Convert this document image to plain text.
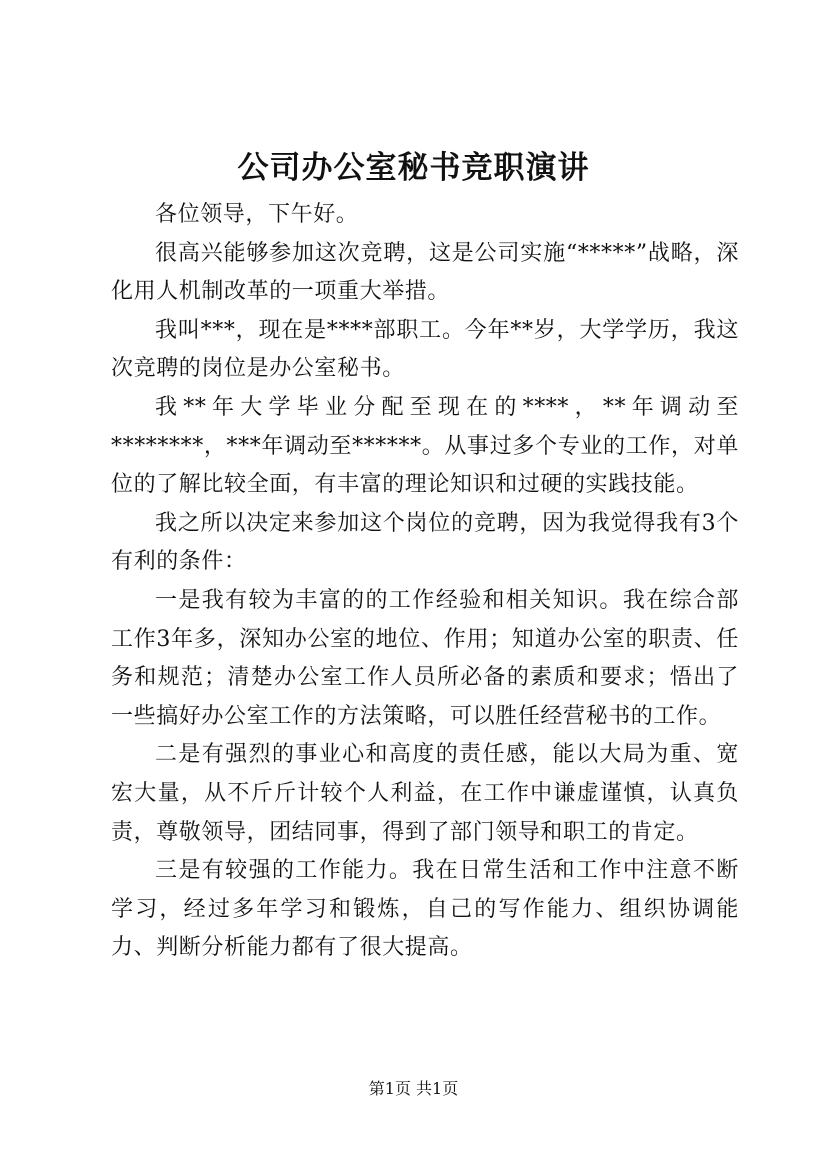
公司办公室秘书竞职演讲

各位领导，下午好。

很高兴能够参加这次竞聘，这是公司实施“*****”战略，深化用人机制改革的一项重大举措。

我叫***，现在是****部职工。今年**岁，大学学历，我这次竞聘的岗位是办公室秘书。

我**年大学毕业分配至现在的****，**年调动至********，***年调动至******。从事过多个专业的工作，对单位的了解比较全面，有丰富的理论知识和过硬的实践技能。

我之所以决定来参加这个岗位的竞聘，因为我觉得我有3个有利的条件：

一是我有较为丰富的的工作经验和相关知识。我在综合部工作3年多，深知办公室的地位、作用；知道办公室的职责、任务和规范；清楚办公室工作人员所必备的素质和要求；悟出了一些搞好办公室工作的方法策略，可以胜任经营秘书的工作。

二是有强烈的事业心和高度的责任感，能以大局为重、宽宏大量，从不斤斤计较个人利益，在工作中谦虚谨慎，认真负责，尊敬领导，团结同事，得到了部门领导和职工的肯定。

三是有较强的工作能力。我在日常生活和工作中注意不断学习，经过多年学习和锻炼，自己的写作能力、组织协调能力、判断分析能力都有了很大提高。

第1页 共1页
